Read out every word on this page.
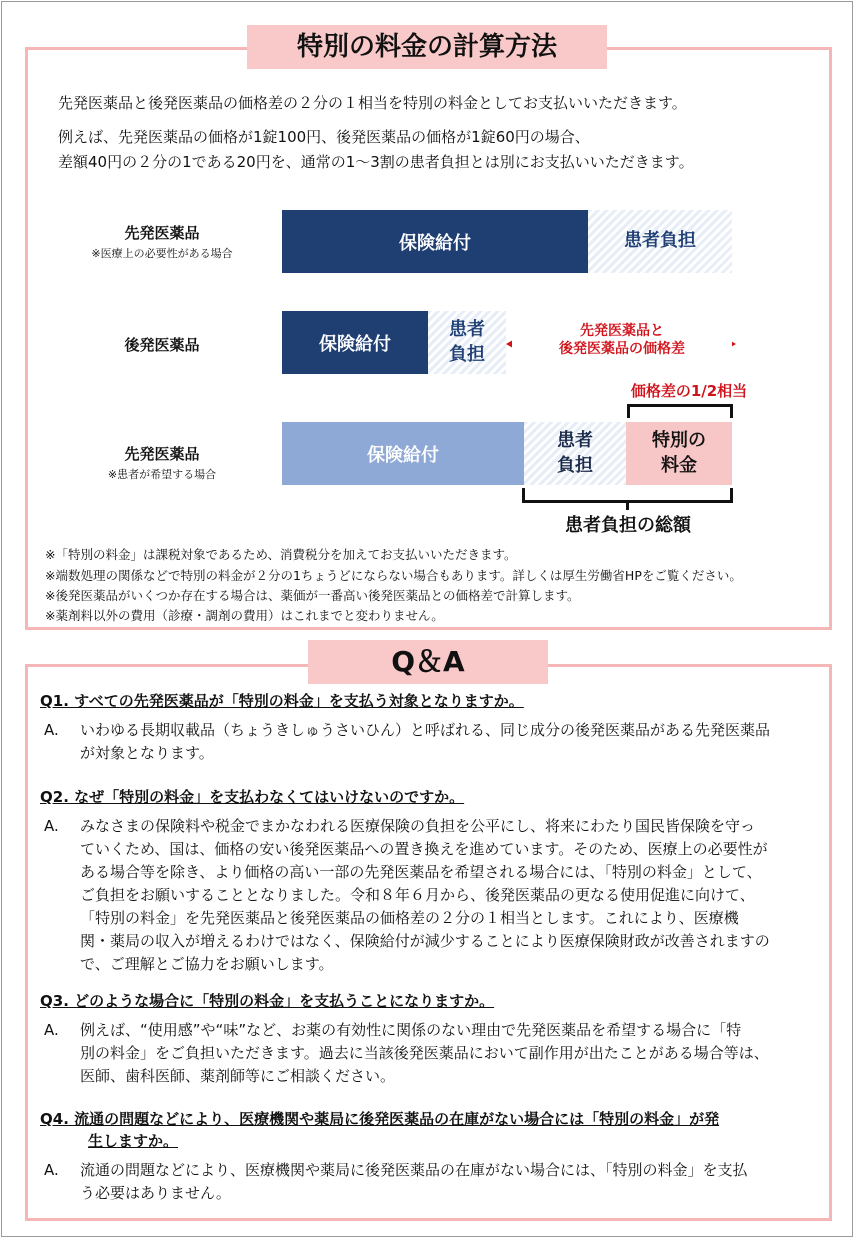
特別の料金の計算方法
先発医薬品と後発医薬品の価格差の２分の１相当を特別の料金としてお支払いいただきます。
例えば、先発医薬品の価格が1錠100円、後発医薬品の価格が1錠60円の場合、
差額40円の２分の1である20円を、通常の1～3割の患者負担とは別にお支払いいただきます。
先発医薬品
※医療上の必要性がある場合	保険給付	患者負担
後発医薬品	保険給付
患者
負担
先発医薬品と
後発医薬品の価格差
価格差の1/2相当
先発医薬品
※患者が希望する場合
保険給付
患者
負担
特別の
料金
患者負担の総額
※「特別の料金」は課税対象であるため、消費税分を加えてお支払いいただきます。
※端数処理の関係などで特別の料金が２分の1ちょうどにならない場合もあります。詳しくは厚生労働省HPをご覧ください。
※後発医薬品がいくつか存在する場合は、薬価が一番高い後発医薬品との価格差で計算します。
※薬剤料以外の費用（診療・調剤の費用）はこれまでと変わりません。
Q＆A
Q1. すべての先発医薬品が「特別の料金」を支払う対象となりますか。
A. いわゆる長期収載品（ちょうきしゅうさいひん）と呼ばれる、同じ成分の後発医薬品がある先発医薬品
が対象となります。
Q2. なぜ「特別の料金」を支払わなくてはいけないのですか。
A. みなさまの保険料や税金でまかなわれる医療保険の負担を公平にし、将来にわたり国民皆保険を守っ
ていくため、国は、価格の安い後発医薬品への置き換えを進めています。そのため、医療上の必要性が
ある場合等を除き、より価格の高い一部の先発医薬品を希望される場合には、「特別の料金」として、
ご負担をお願いすることとなりました。令和８年６月から、後発医薬品の更なる使用促進に向けて、
「特別の料金」を先発医薬品と後発医薬品の価格差の２分の１相当とします。これにより、医療機
関・薬局の収入が増えるわけではなく、保険給付が減少することにより医療保険財政が改善されますの
で、ご理解とご協力をお願いします。
Q3. どのような場合に「特別の料金」を支払うことになりますか。
A. 例えば、“使用感”や“味”など、お薬の有効性に関係のない理由で先発医薬品を希望する場合に「特
別の料金」をご負担いただきます。過去に当該後発医薬品において副作用が出たことがある場合等は、
医師、歯科医師、薬剤師等にご相談ください。
Q4. 流通の問題などにより、医療機関や薬局に後発医薬品の在庫がない場合には「特別の料金」が発
生しますか。
A. 流通の問題などにより、医療機関や薬局に後発医薬品の在庫がない場合には、「特別の料金」を支払
う必要はありません。
